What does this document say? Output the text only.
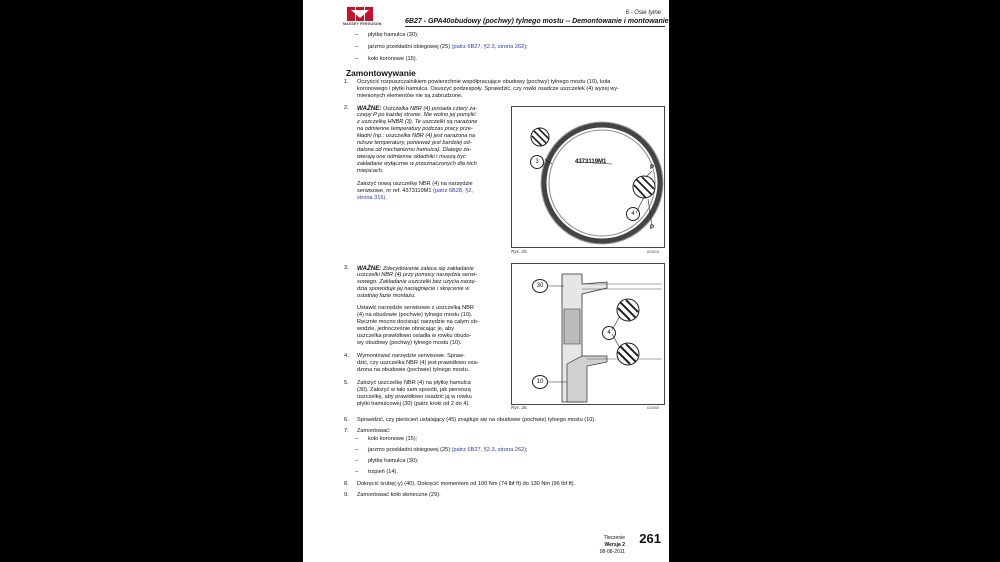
MASSEY FERGUSON
6 - Osie tylne
6B27 - GPA40obudowy (pochwy) tylnego mostu -- Demontowanie i montowanie
– płytkę hamulca (30);
– jarzmo przekładni obiegowej (25) (patrz 6B27, §2.3, strona 262);
– koło koronowe (15).
Zamontowywanie
1. Oczyścić rozpuszczalnikiem powierzchnie współpracujące obudowy (pochwy) tylnego mostu (10), koła
koronowego i płytki hamulca. Osuszyć podzespoły. Sprawdzić, czy rowki osadcze uszczelek (4) wyżej wy-
mienionych elementów nie są zabrudzone.
2. WAŻNE: Uszczelka NBR (4) posiada cztery za-
czepy P po każdej stronie. Nie wolno jej pomylić
z uszczelką HNBR (3). Te uszczelki są narażone
na odmienne temperatury podczas pracy prze-
kładni (np.: uszczelka NBR (4) jest narażona na
niższe temperatury, ponieważ jest bardziej od-
dalona od mechanizmu hamulca). Dlatego za-
wierają one odmienne składniki i muszą być
zakładane wyłącznie w przeznaczonych dla nich
miejscach.
Założyć nową uszczelkę NBR (4) na narzędzie
serwisowe, nr ref. 4373119M1 (patrz 6B28, §2,
strona 316).
3	4373119M1
4
P
P
Rys. 25.	623004
3. WAŻNE: Zdecydowanie zaleca się zakładanie
uszczelki NBR (4) przy pomocy narzędzia serwi-
sowego. Zakładanie uszczelki bez użycia narzę-
dzia spowoduje jej naciągnięcie i skręcenie w
ostatniej fazie montażu.
Ustawić narzędzie serwisowe z uszczelką NBR
(4) na obudowie (pochwie) tylnego mostu (10).
Ręcznie mocno docisnąć narzędzie na całym ob-
wodzie, jednocześnie obracając je, aby
uszczelka prawidłowo osiadła w rowku obudo-
wy obudowy (pochwy) tylnego mostu (10).
4. Wymontować narzędzie serwisowe. Spraw-
dzić, czy uszczelka NBR (4) jest prawidłowo osa-
dzona na obudowie (pochwie) tylnego mostu.
5. Założyć uszczelkę NBR (4) na płytkę hamulca
(30). Założyć w taki sam sposób, jak pierwszą
uszczelkę, aby prawidłowo osadzić ją w rowku
płytki hamulcowej (30) (patrz kroki od 2 do 4).
30
4
10
Rys. 26.	623005
6. Sprawdzić, czy pierścień ustalający (45) znajduje się na obudowie (pochwie) tylnego mostu (10).
7. Zamontować:
– koło koronowe (15);
– jarzmo przekładni obiegowej (25) (patrz 6B27, §2.3, strona 262);
– płytkę hamulca (30);
– trzpień (14).
8. Dokręcić śrubę(-y) (40). Dokręcić momentem od 100 Nm (74 lbf ft) do 130 Nm (96 lbf ft).
9. Zamontować koło słoneczne (29).
Tłoczenie
Wersja 2
08-08-2011
261
